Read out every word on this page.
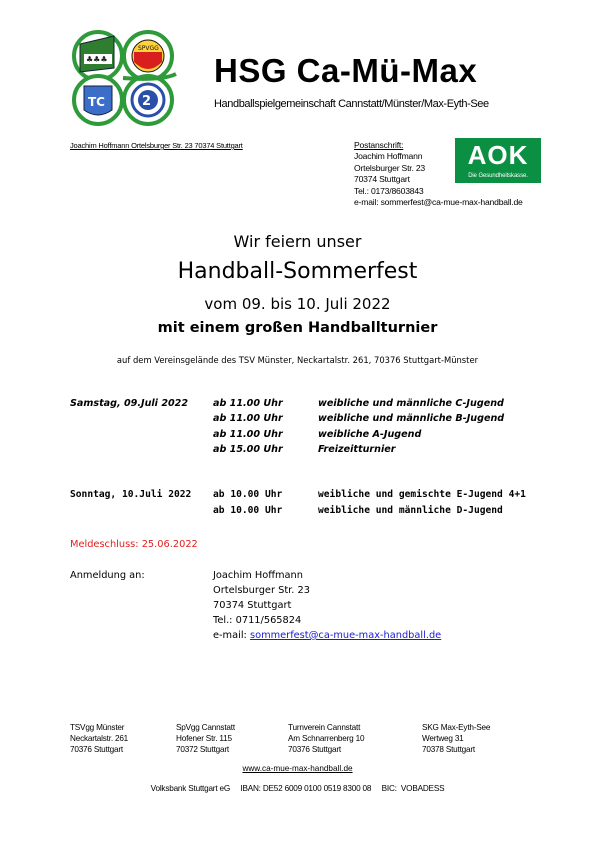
♣♣♣
SPVGG
TC	2
HSG Ca-Mü-Max
Handballspielgemeinschaft Cannstatt/Münster/Max-Eyth-See
Joachim Hoffmann Ortelsburger Str. 23 70374 Stuttgart	Postanschrift:
Joachim Hoffmann
Ortelsburger Str. 23
70374 Stuttgart
Tel.: 0173/8603843
e-mail: sommerfest@ca-mue-max-handball.de
AOK
Die Gesundheitskasse.
Wir feiern unser
Handball-Sommerfest
vom 09. bis 10. Juli 2022
mit einem großen Handballturnier
auf dem Vereinsgelände des TSV Münster, Neckartalstr. 261, 70376 Stuttgart-Münster
Samstag, 09.Juli 2022	ab 11.00 Uhr	weibliche und männliche C-Jugend
ab 11.00 Uhr	weibliche und männliche B-Jugend
ab 11.00 Uhr	weibliche A-Jugend
ab 15.00 Uhr	Freizeitturnier
Sonntag, 10.Juli 2022 ab 10.00 Uhr	weibliche und gemischte E-Jugend 4+1
ab 10.00 Uhr	weibliche und männliche D-Jugend
Meldeschluss: 25.06.2022
Anmeldung an:	Joachim Hoffmann
Ortelsburger Str. 23
70374 Stuttgart
Tel.: 0711/565824
e-mail: sommerfest@ca-mue-max-handball.de
TSVgg Münster
Neckartalstr. 261
70376 Stuttgart
SpVgg Cannstatt
Hofener Str. 115
70372 Stuttgart
Turnverein Cannstatt
Am Schnarrenberg 10
70376 Stuttgart
SKG Max-Eyth-See
Wertweg 31
70378 Stuttgart
www.ca-mue-max-handball.de
Volksbank Stuttgart eG     IBAN: DE52 6009 0100 0519 8300 08     BIC:  VOBADESS
